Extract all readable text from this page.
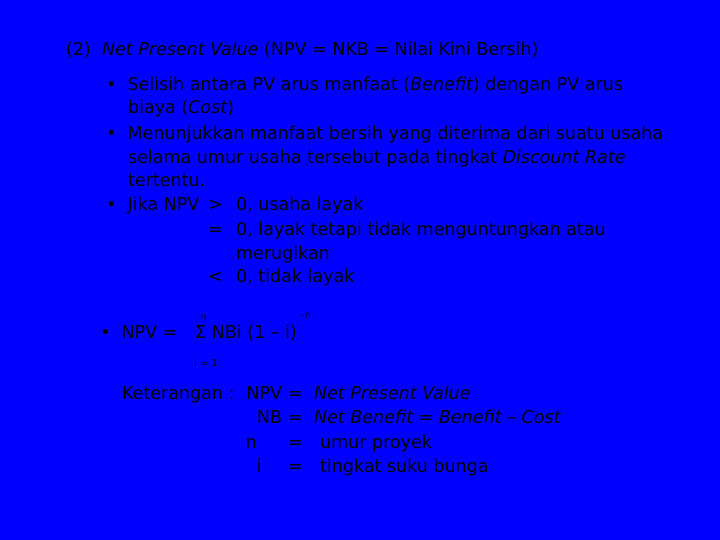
(2) Net Present Value (NPV = NKB = Nilai Kini Bersih)
• Selisih antara PV arus manfaat (Benefit) dengan PV arus
biaya (Cost)
• Menunjukkan manfaat bersih yang diterima dari suatu usaha
selama umur usaha tersebut pada tingkat Discount Rate
tertentu.
• Jika NPV > 0, usaha layak
= 0, layak tetapi tidak menguntungkan atau
merugikan
< 0, tidak layak
n	-n
• NPV = Σ NBi (1 – i)
i = 1
Keterangan : NPV = Net Present Value
NB = Net Benefit = Benefit – Cost
n	= umur proyek
i	= tingkat suku bunga
